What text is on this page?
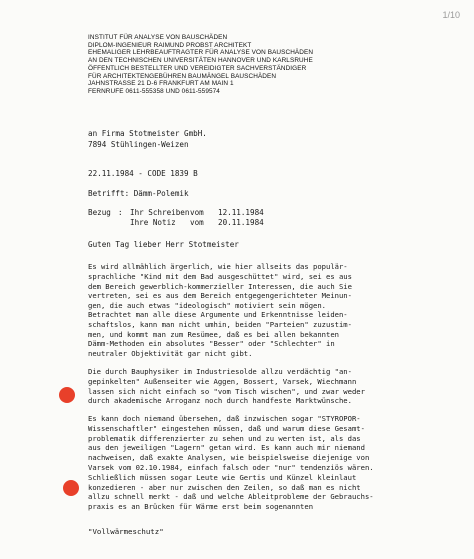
1/10
INSTITUT FÜR ANALYSE VON BAUSCHÄDEN
DIPLOM-INGENIEUR RAIMUND PROBST ARCHITEKT
EHEMALIGER LEHRBEAUFTRAGTER FÜR ANALYSE VON BAUSCHÄDEN
AN DEN TECHNISCHEN UNIVERSITÄTEN HANNOVER UND KARLSRUHE
ÖFFENTLICH BESTELLTER UND VEREIDIGTER SACHVERSTÄNDIGER
FÜR ARCHITEKTENGEBÜHREN BAUMÄNGEL BAUSCHÄDEN
JAHNSTRASSE 21 D-6 FRANKFURT AM MAIN 1
FERNRUFE 0611-555358 UND 0611-559574
an Firma Stotmeister GmbH.
7894 Stühlingen-Weizen
22.11.1984 - CODE 1839 B
Betrifft: Dämm-Polemik
Bezug	:	Ihr Schreiben	vom	12.11.1984
		Ihre Notiz	vom	20.11.1984
Guten Tag lieber Herr Stotmeister
Es wird allmählich ärgerlich, wie hier allseits das populär-
sprachliche "Kind mit dem Bad ausgeschüttet" wird, sei es aus
dem Bereich gewerblich-kommerzieller Interessen, die auch Sie
vertreten, sei es aus dem Bereich entgegengerichteter Meinun-
gen, die auch etwas "ideologisch" motiviert sein mögen.
Betrachtet man alle diese Argumente und Erkenntnisse leiden-
schaftslos, kann man nicht umhin, beiden "Parteien" zuzustim-
men, und kommt man zum Resümee, daß es bei allen bekannten
Dämm-Methoden ein absolutes "Besser" oder "Schlechter" in
neutraler Objektivität gar nicht gibt.
Die durch Bauphysiker im Industriesolde allzu verdächtig "an-
gepinkelten" Außenseiter wie Aggen, Bossert, Varsek, Wiechmann
lassen sich nicht einfach so "vom Tisch wischen", und zwar weder
durch akademische Arroganz noch durch handfeste Marktwünsche.
Es kann doch niemand übersehen, daß inzwischen sogar "STYROPOR-
Wissenschaftler" eingestehen müssen, daß und warum diese Gesamt-
problematik differenzierter zu sehen und zu werten ist, als das
aus den jeweiligen "Lagern" getan wird. Es kann auch mir niemand
nachweisen, daß exakte Analysen, wie beispielsweise diejenige von
Varsek vom 02.10.1984, einfach falsch oder "nur" tendenziös wären.
Schließlich müssen sogar Leute wie Gertis und Künzel kleinlaut
konzedieren - aber nur zwischen den Zeilen, so daß man es nicht
allzu schnell merkt - daß und welche Ableitprobleme der Gebrauchs-
praxis es an Brücken für Wärme erst beim sogenannten
"Vollwärmeschutz"
